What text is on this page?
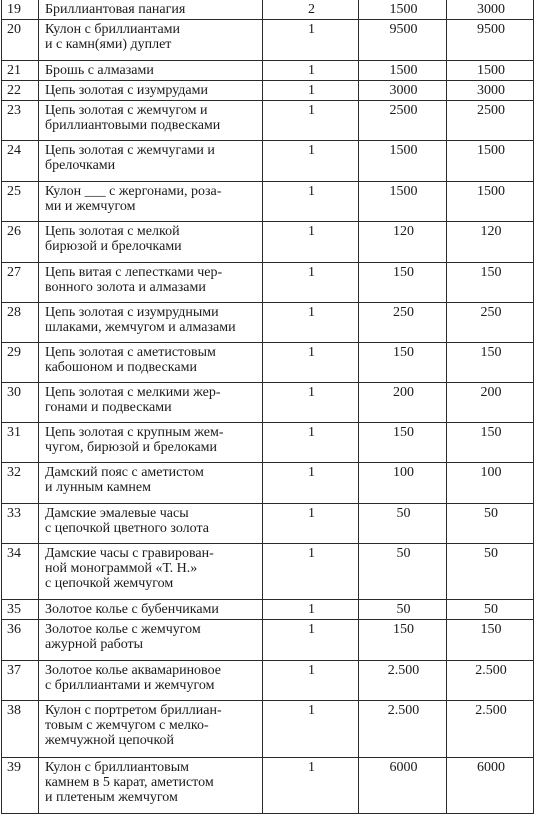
19	Бриллиантовая панагия	2	1500	3000
20	Кулон с бриллиантами
и с камн(ями) дуплет	1	9500	9500
21	Брошь с алмазами	1	1500	1500
22	Цепь золотая с изумрудами	1	3000	3000
23	Цепь золотая с жемчугом и
бриллиантовыми подвесками	1	2500	2500
24	Цепь золотая с жемчугами и
брелочками	1	1500	1500
25	Кулон ___ с жергонами, роза-
ми и жемчугом	1	1500	1500
26	Цепь золотая с мелкой
бирюзой и брелочками	1	120	120
27	Цепь витая с лепестками чер-
вонного золота и алмазами	1	150	150
28	Цепь золотая с изумрудными
шлаками, жемчугом и алмазами	1	250	250
29	Цепь золотая с аметистовым
кабошоном и подвесками	1	150	150
30	Цепь золотая с мелкими жер-
гонами и подвесками	1	200	200
31	Цепь золотая с крупным жем-
чугом, бирюзой и брелоками	1	150	150
32	Дамский пояс с аметистом
и лунным камнем	1	100	100
33	Дамские эмалевые часы
с цепочкой цветного золота	1	50	50
34	Дамские часы с гравирован-
ной монограммой «Т. Н.»
с цепочкой жемчугом	1	50	50
35	Золотое колье с бубенчиками	1	50	50
36	Золотое колье с жемчугом
ажурной работы	1	150	150
37	Золотое колье аквамариновое
с бриллиантами и жемчугом	1	2.500	2.500
38	Кулон с портретом бриллиан-
товым с жемчугом с мелко-
жемчужной цепочкой	1	2.500	2.500
39	Кулон с бриллиантовым
камнем в 5 карат, аметистом
и плетеным жемчугом	1	6000	6000
